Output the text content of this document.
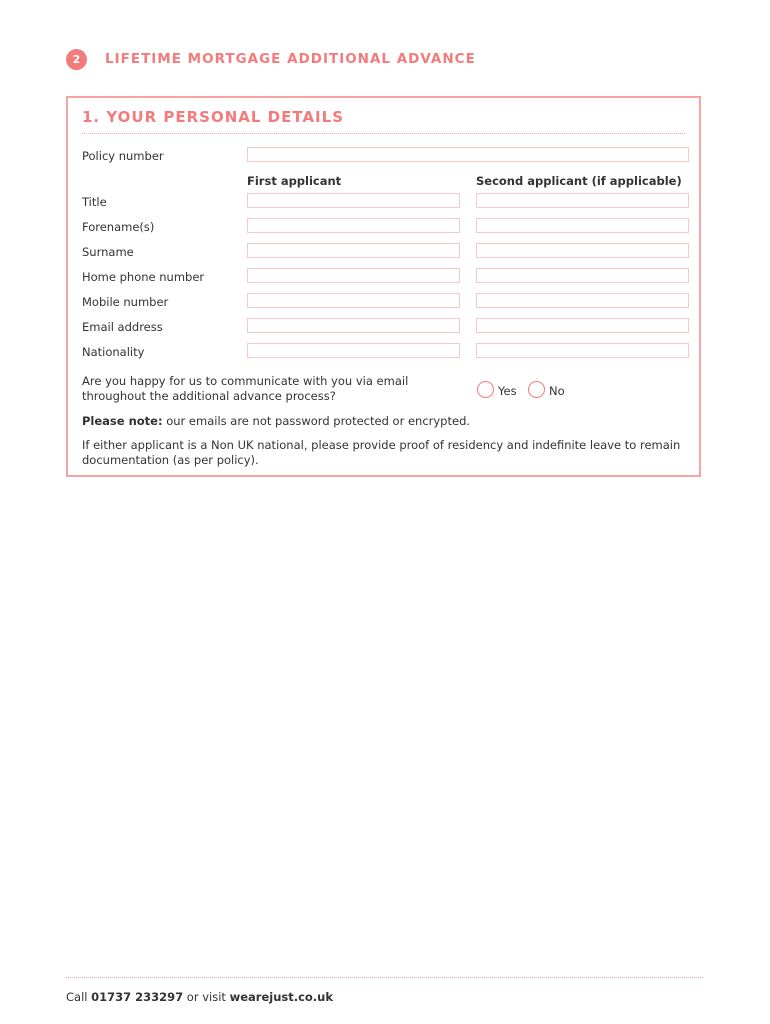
2	LIFETIME MORTGAGE ADDITIONAL ADVANCE
1. YOUR PERSONAL DETAILS
Policy number
First applicant	Second applicant (if applicable)
Title
Forename(s)
Surname
Home phone number
Mobile number
Email address
Nationality
Are you happy for us to communicate with you via email
throughout the additional advance process?	Yes	No
Please note: our emails are not password protected or encrypted.
If either applicant is a Non UK national, please provide proof of residency and indefinite leave to remain
documentation (as per policy).
Call 01737 233297 or visit wearejust.co.uk
